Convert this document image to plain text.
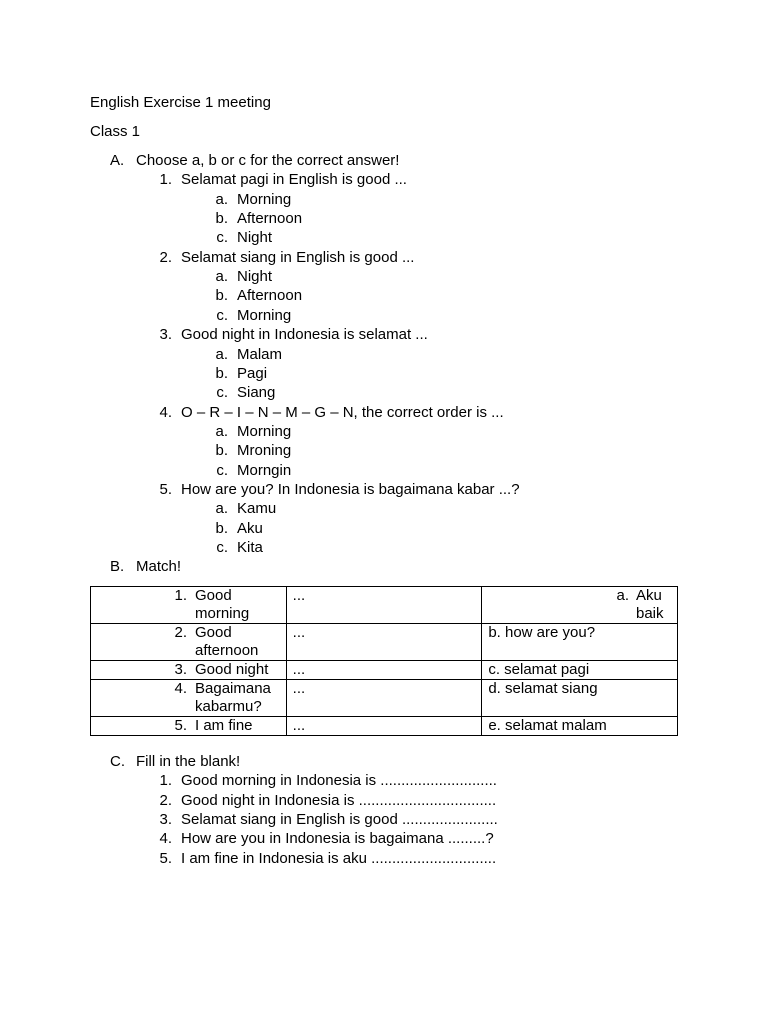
English Exercise 1 meeting
Class 1
A. Choose a, b or c for the correct answer!
1. Selamat pagi in English is good ...
a. Morning
b. Afternoon
c. Night
2. Selamat siang in English is good ...
a. Night
b. Afternoon
c. Morning
3. Good night in Indonesia is selamat ...
a. Malam
b. Pagi
c. Siang
4. O – R – I – N – M – G – N, the correct order is ...
a. Morning
b. Mroning
c. Morngin
5. How are you? In Indonesia is bagaimana kabar ...?
a. Kamu
b. Aku
c. Kita
B. Match!
1. Good morning	...	a. Aku baik

2. Good afternoon	...	b. how are you?

3. Good night	...	c. selamat pagi

4. Bagaimana kabarmu?	...	d. selamat siang

5. I am fine	...	e. selamat malam
C. Fill in the blank!
1. Good morning in Indonesia is ............................
2. Good night in Indonesia is .................................
3. Selamat siang in English is good .......................
4. How are you in Indonesia is bagaimana .........?
5. I am fine in Indonesia is aku ..............................
